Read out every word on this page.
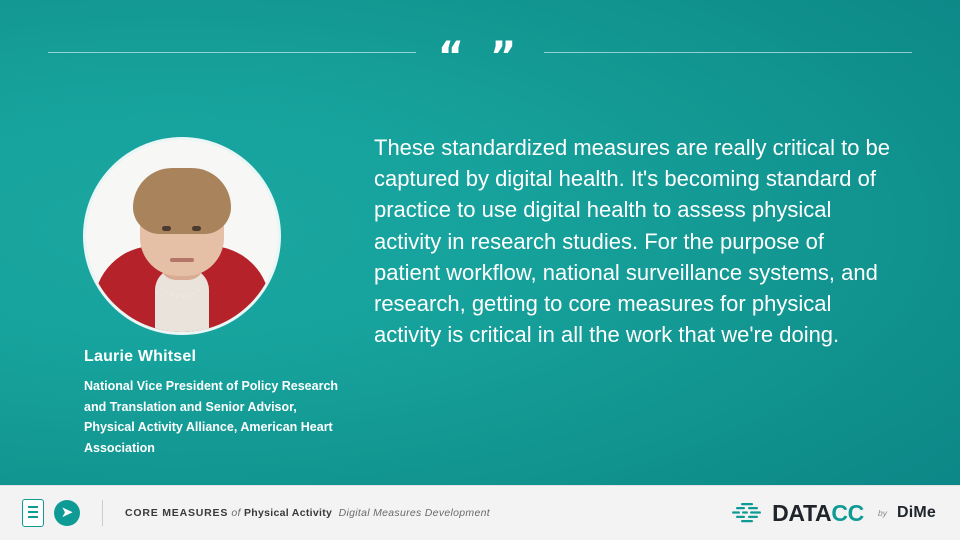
“ ”

Laurie Whitsel

National Vice President of Policy Research and Translation and Senior Advisor, Physical Activity Alliance, American Heart Association

These standardized measures are really critical to be captured by digital health. It's becoming standard of practice to use digital health to assess physical activity in research studies. For the purpose of patient workflow, national surveillance systems, and research, getting to core measures for physical activity is critical in all the work that we're doing.
➤	CORE MEASURES of Physical Activity Digital Measures Development	DATACC by DiMe
